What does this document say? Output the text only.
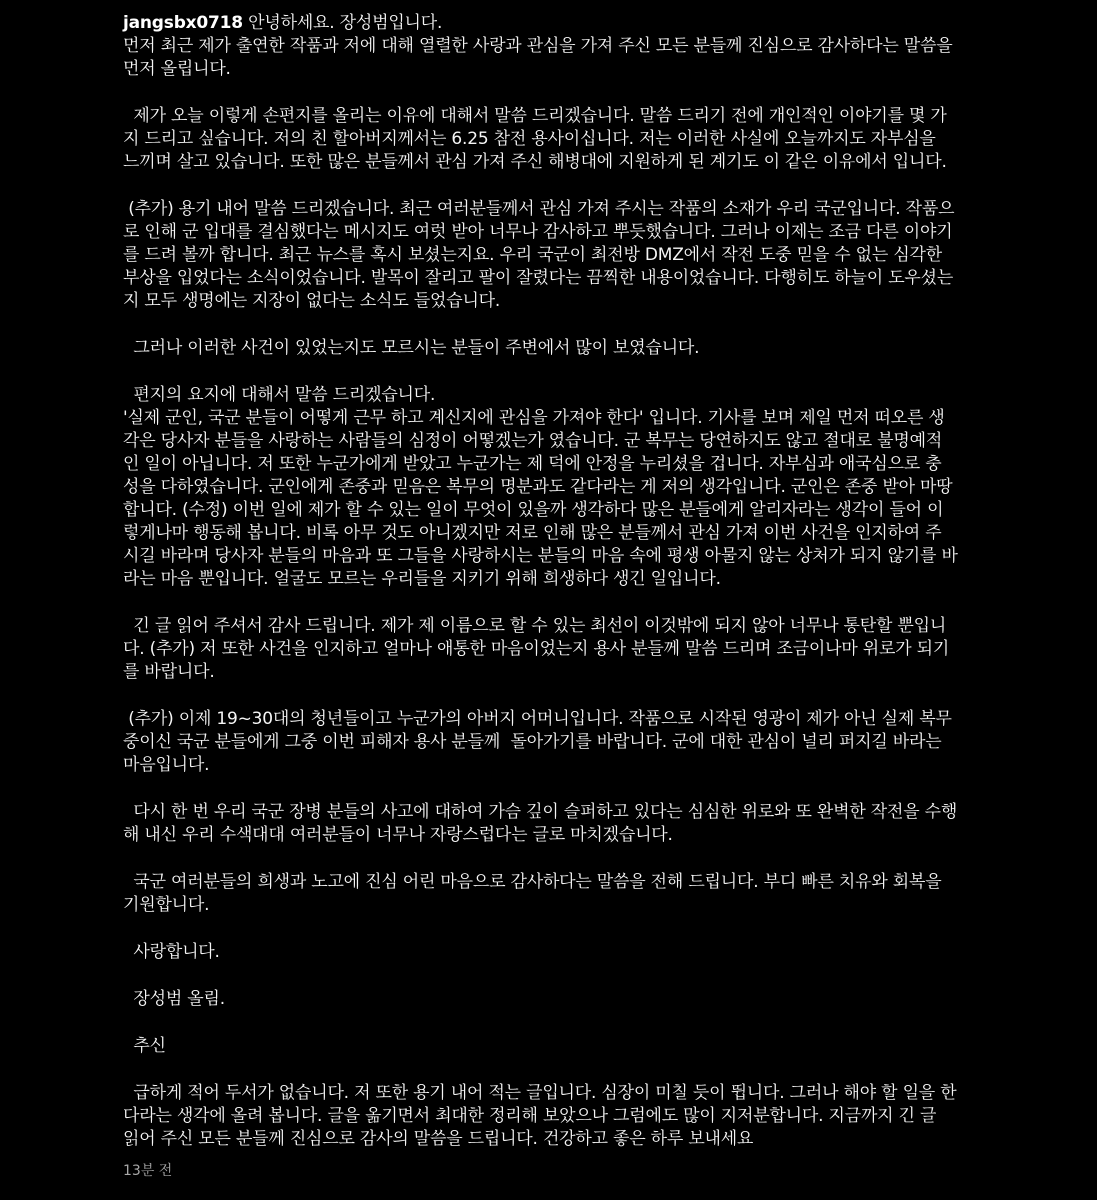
jangsbx0718 안녕하세요. 장성범입니다.
먼저 최근 제가 출연한 작품과 저에 대해 열렬한 사랑과 관심을 가져 주신 모든 분들께 진심으로 감사하다는 말씀을
먼저 올립니다.
제가 오늘 이렇게 손편지를 올리는 이유에 대해서 말씀 드리겠습니다. 말씀 드리기 전에 개인적인 이야기를 몇 가
지 드리고 싶습니다. 저의 친 할아버지께서는 6.25 참전 용사이십니다. 저는 이러한 사실에 오늘까지도 자부심을
느끼며 살고 있습니다. 또한 많은 분들께서 관심 가져 주신 해병대에 지원하게 된 계기도 이 같은 이유에서 입니다.
(추가) 용기 내어 말씀 드리겠습니다. 최근 여러분들께서 관심 가져 주시는 작품의 소재가 우리 국군입니다. 작품으
로 인해 군 입대를 결심했다는 메시지도 여럿 받아 너무나 감사하고 뿌듯했습니다. 그러나 이제는 조금 다른 이야기
를 드려 볼까 합니다. 최근 뉴스를 혹시 보셨는지요. 우리 국군이 최전방 DMZ에서 작전 도중 믿을 수 없는 심각한
부상을 입었다는 소식이었습니다. 발목이 잘리고 팔이 잘렸다는 끔찍한 내용이었습니다. 다행히도 하늘이 도우셨는
지 모두 생명에는 지장이 없다는 소식도 들었습니다.
그러나 이러한 사건이 있었는지도 모르시는 분들이 주변에서 많이 보였습니다.
편지의 요지에 대해서 말씀 드리겠습니다.
'실제 군인, 국군 분들이 어떻게 근무 하고 계신지에 관심을 가져야 한다' 입니다. 기사를 보며 제일 먼저 떠오른 생
각은 당사자 분들을 사랑하는 사람들의 심정이 어떻겠는가 였습니다. 군 복무는 당연하지도 않고 절대로 불명예적
인 일이 아닙니다. 저 또한 누군가에게 받았고 누군가는 제 덕에 안정을 누리셨을 겁니다. 자부심과 애국심으로 충
성을 다하였습니다. 군인에게 존중과 믿음은 복무의 명분과도 같다라는 게 저의 생각입니다. 군인은 존중 받아 마땅
합니다. (수정) 이번 일에 제가 할 수 있는 일이 무엇이 있을까 생각하다 많은 분들에게 알리자라는 생각이 들어 이
렇게나마 행동해 봅니다. 비록 아무 것도 아니겠지만 저로 인해 많은 분들께서 관심 가져 이번 사건을 인지하여 주
시길 바라며 당사자 분들의 마음과 또 그들을 사랑하시는 분들의 마음 속에 평생 아물지 않는 상처가 되지 않기를 바
라는 마음 뿐입니다. 얼굴도 모르는 우리들을 지키기 위해 희생하다 생긴 일입니다.
긴 글 읽어 주셔서 감사 드립니다. 제가 제 이름으로 할 수 있는 최선이 이것밖에 되지 않아 너무나 통탄할 뿐입니
다. (추가) 저 또한 사건을 인지하고 얼마나 애통한 마음이었는지 용사 분들께 말씀 드리며 조금이나마 위로가 되기
를 바랍니다.
(추가) 이제 19~30대의 청년들이고 누군가의 아버지 어머니입니다. 작품으로 시작된 영광이 제가 아닌 실제 복무
중이신 국군 분들에게 그중 이번 피해자 용사 분들께  돌아가기를 바랍니다. 군에 대한 관심이 널리 퍼지길 바라는
마음입니다.
다시 한 번 우리 국군 장병 분들의 사고에 대하여 가슴 깊이 슬퍼하고 있다는 심심한 위로와 또 완벽한 작전을 수행
해 내신 우리 수색대대 여러분들이 너무나 자랑스럽다는 글로 마치겠습니다.
국군 여러분들의 희생과 노고에 진심 어린 마음으로 감사하다는 말씀을 전해 드립니다. 부디 빠른 치유와 회복을
기원합니다.
사랑합니다.
장성범 올림.
추신
급하게 적어 두서가 없습니다. 저 또한 용기 내어 적는 글입니다. 심장이 미칠 듯이 뜁니다. 그러나 해야 할 일을 한
다라는 생각에 올려 봅니다. 글을 옮기면서 최대한 정리해 보았으나 그럼에도 많이 지저분합니다. 지금까지 긴 글
읽어 주신 모든 분들께 진심으로 감사의 말씀을 드립니다. 건강하고 좋은 하루 보내세요
13분 전
